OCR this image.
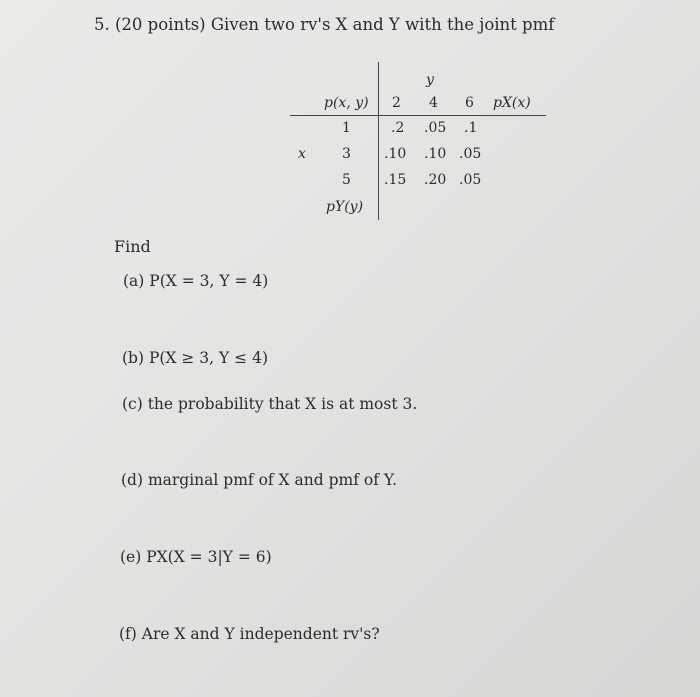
5. (20 points) Given two rv's X and Y with the joint pmf
y
p(x, y) 2 4 6 pX(x)
x
1	.2 .05 .1
3 .10 .10 .05
5 .15 .20 .05
pY(y)
Find
(a) P(X = 3, Y = 4)
(b) P(X ≥ 3, Y ≤ 4)
(c) the probability that X is at most 3.
(d) marginal pmf of X and pmf of Y.
(e) PX(X = 3|Y = 6)
(f) Are X and Y independent rv's?
